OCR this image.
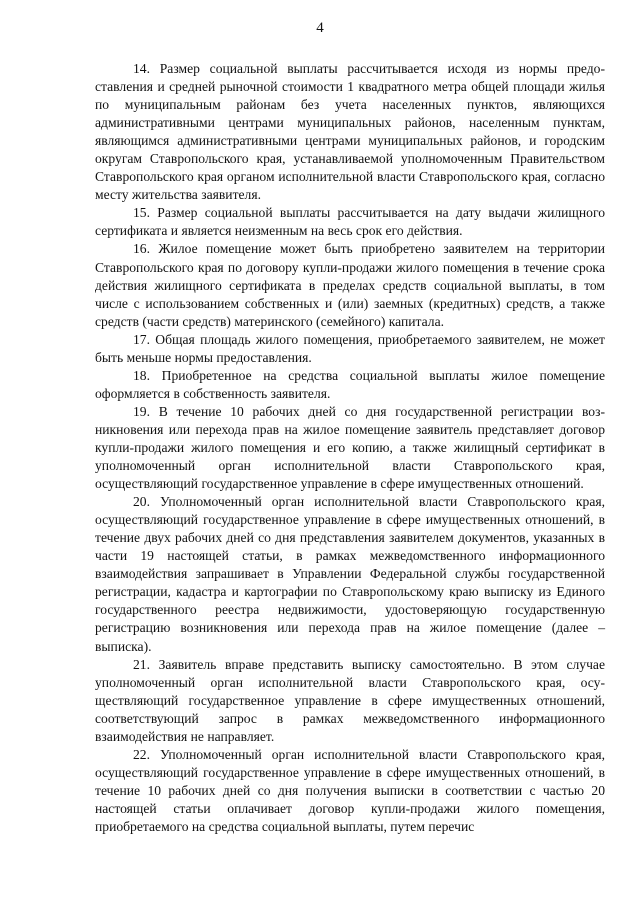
4

14. Размер социальной выплаты рассчитывается исходя из нормы предоставления и средней рыночной стоимости 1 квадратного метра общей площади жилья по муниципальным районам без учета населенных пунктов, являющихся административными центрами муниципальных районов, населенным пунктам, являющимся административными центрами муниципальных районов, и городским округам Ставропольского края, устанавливаемой уполномоченным Правительством Ставропольского края органом исполнительной власти Ставропольского края, согласно месту жительства заявителя.

15. Размер социальной выплаты рассчитывается на дату выдачи жилищного сертификата и является неизменным на весь срок его действия.

16. Жилое помещение может быть приобретено заявителем на территории Ставропольского края по договору купли-продажи жилого помещения в течение срока действия жилищного сертификата в пределах средств социальной выплаты, в том числе с использованием собственных и (или) заемных (кредитных) средств, а также средств (части средств) материнского (семейного) капитала.

17. Общая площадь жилого помещения, приобретаемого заявителем, не может быть меньше нормы предоставления.

18. Приобретенное на средства социальной выплаты жилое помещение оформляется в собственность заявителя.

19. В течение 10 рабочих дней со дня государственной регистрации возникновения или перехода прав на жилое помещение заявитель представляет договор купли-продажи жилого помещения и его копию, а также жилищный сертификат в уполномоченный орган исполнительной власти Ставропольского края, осуществляющий государственное управление в сфере имущественных отношений.

20. Уполномоченный орган исполнительной власти Ставропольского края, осуществляющий государственное управление в сфере имущественных отношений, в течение двух рабочих дней со дня представления заявителем документов, указанных в части 19 настоящей статьи, в рамках межведомственного информационного взаимодействия запрашивает в Управлении Федеральной службы государственной регистрации, кадастра и картографии по Ставропольскому краю выписку из Единого государственного реестра недвижимости, удостоверяющую государственную регистрацию возникновения или перехода прав на жилое помещение (далее – выписка).

21. Заявитель вправе представить выписку самостоятельно. В этом случае уполномоченный орган исполнительной власти Ставропольского края, осуществляющий государственное управление в сфере имущественных отношений, соответствующий запрос в рамках межведомственного информационного взаимодействия не направляет.

22. Уполномоченный орган исполнительной власти Ставропольского края, осуществляющий государственное управление в сфере имущественных отношений, в течение 10 рабочих дней со дня получения выписки в соответствии с частью 20 настоящей статьи оплачивает договор купли-продажи жилого помещения, приобретаемого на средства социальной выплаты, путем перечис
